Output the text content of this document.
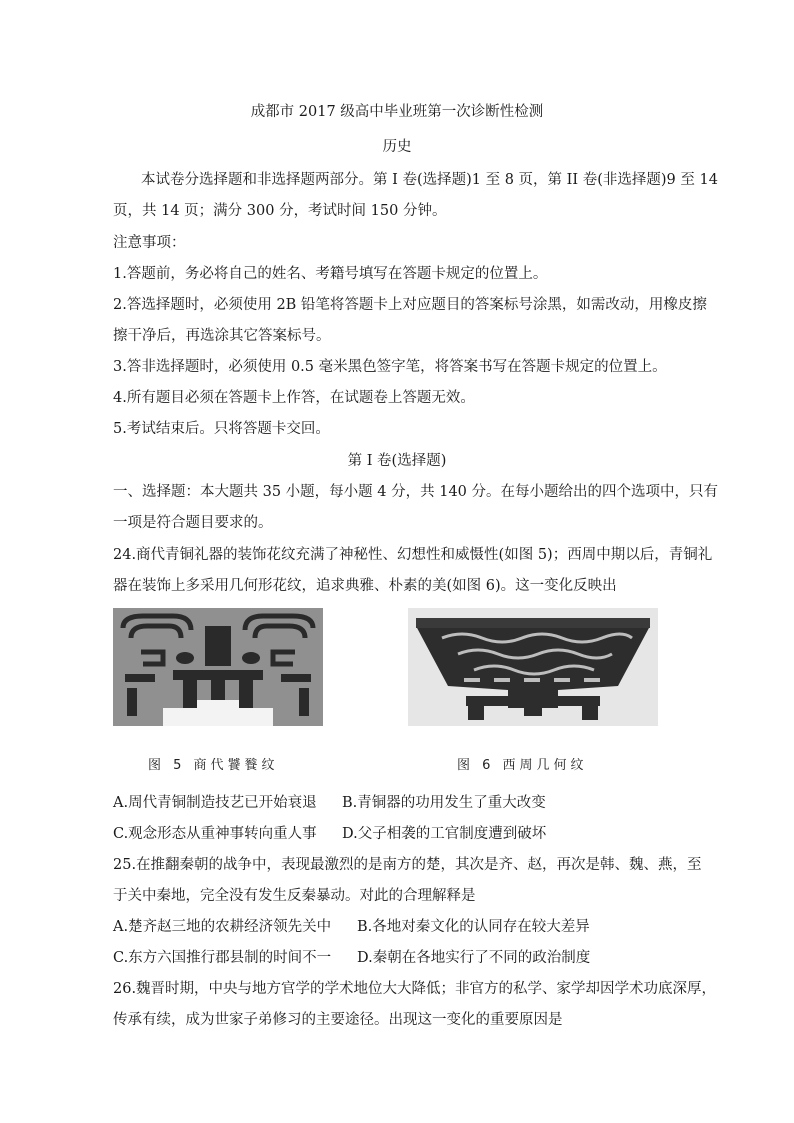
成都市 2017 级高中毕业班第一次诊断性检测
历史
本试卷分选择题和非选择题两部分。第 I 卷(选择题)1 至 8 页，第 II 卷(非选择题)9 至 14
页，共 14 页；满分 300 分，考试时间 150 分钟。
注意事项：
1.答题前，务必将自己的姓名、考籍号填写在答题卡规定的位置上。
2.答选择题时，必须使用 2B 铅笔将答题卡上对应题目的答案标号涂黑，如需改动，用橡皮擦
擦干净后，再选涂其它答案标号。
3.答非选择题时，必须使用 0.5 毫米黑色签字笔，将答案书写在答题卡规定的位置上。
4.所有题目必须在答题卡上作答，在试题卷上答题无效。
5.考试结束后。只将答题卡交回。
第 I 卷(选择题)
一、选择题：本大题共 35 小题，每小题 4 分，共 140 分。在每小题给出的四个选项中，只有
一项是符合题目要求的。
24.商代青铜礼器的装饰花纹充满了神秘性、幻想性和威慑性(如图 5)；西周中期以后，青铜礼
器在装饰上多采用几何形花纹，追求典雅、朴素的美(如图 6)。这一变化反映出
图 5 商代饕餮纹	图 6 西周几何纹
A.周代青铜制造技艺已开始衰退 B.青铜器的功用发生了重大改变
C.观念形态从重神事转向重人事 D.父子相袭的工官制度遭到破坏
25.在推翻秦朝的战争中，表现最激烈的是南方的楚，其次是齐、赵，再次是韩、魏、燕，至
于关中秦地，完全没有发生反秦暴动。对此的合理解释是
A.楚齐赵三地的农耕经济领先关中 B.各地对秦文化的认同存在较大差异
C.东方六国推行郡县制的时间不一 D.秦朝在各地实行了不同的政治制度
26.魏晋时期，中央与地方官学的学术地位大大降低；非官方的私学、家学却因学术功底深厚，
传承有续，成为世家子弟修习的主要途径。出现这一变化的重要原因是
